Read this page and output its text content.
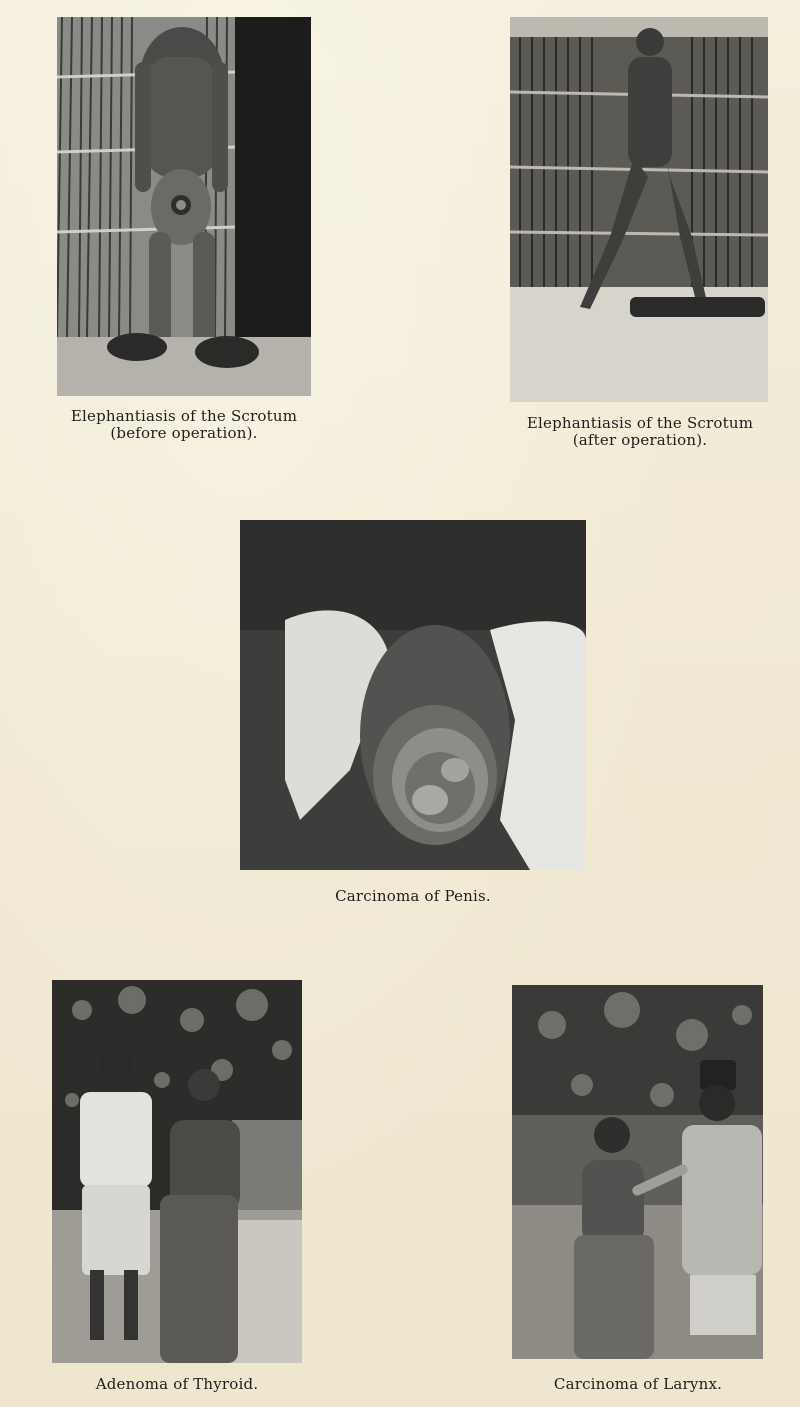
Elephantiasis of the Scrotum
(before operation).
Elephantiasis of the Scrotum
(after operation).
Carcinoma of Penis.
Adenoma of Thyroid.	Carcinoma of Larynx.
